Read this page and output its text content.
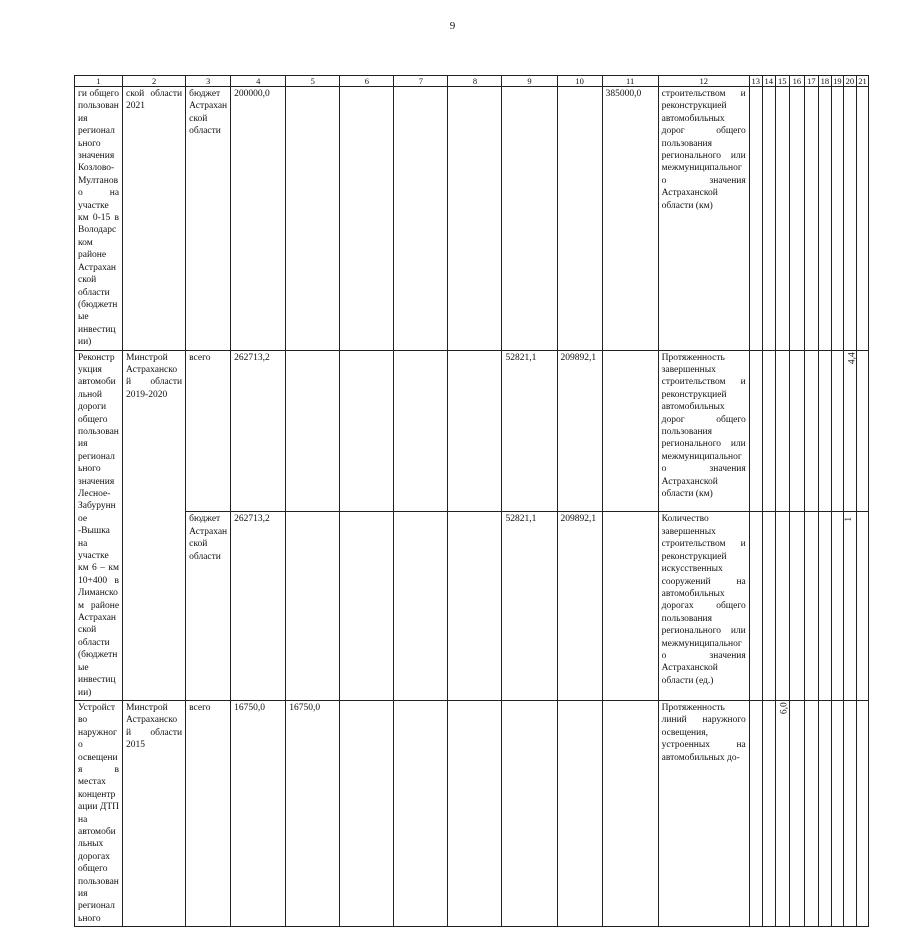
9
1	2	3	4	5	6	7	8	9	10	11	12	13	14	15	16	17	18	19	20	21
ги общего пользования регионального значения Козлово-Мултаново на участке км 0-15 в Володарском районе Астраханской области (бюджетные инвестиции)	ской области 2021	бюджет Астраханской области	200000,0							385000,0	строительством и реконструкцией автомобильных дорог общего пользования регионального или межмуниципального значения Астраханской области (км)									
Реконструкция автомобильной дороги общего пользования регионального значения Лесное-Забурунное -Вышка на участке км 6 – км 10+400 в Лиманском районе Астраханской области (бюджетные инвестиции)	Минстрой Астраханской области 2019-2020	всего	262713,2					52821,1	209892,1		Протяженность завершенных строительством и реконструкцией автомобильных дорог общего пользования регионального или межмуниципального значения Астраханской области (км)								4,4	
		бюджет Астраханской области	262713,2					52821,1	209892,1		Количество завершенных строительством и реконструкцией искусственных сооружений на автомобильных дорогах общего пользования регионального или межмуниципального значения Астраханской области (ед.)								1	
Устройство наружного освещения в местах концентрации ДТП на автомобильных дорогах общего пользования регионального	Минстрой Астраханской области 2015	всего	16750,0	16750,0							Протяженность линий наружного освещения, устроенных на автомобильных до-			6,0						
